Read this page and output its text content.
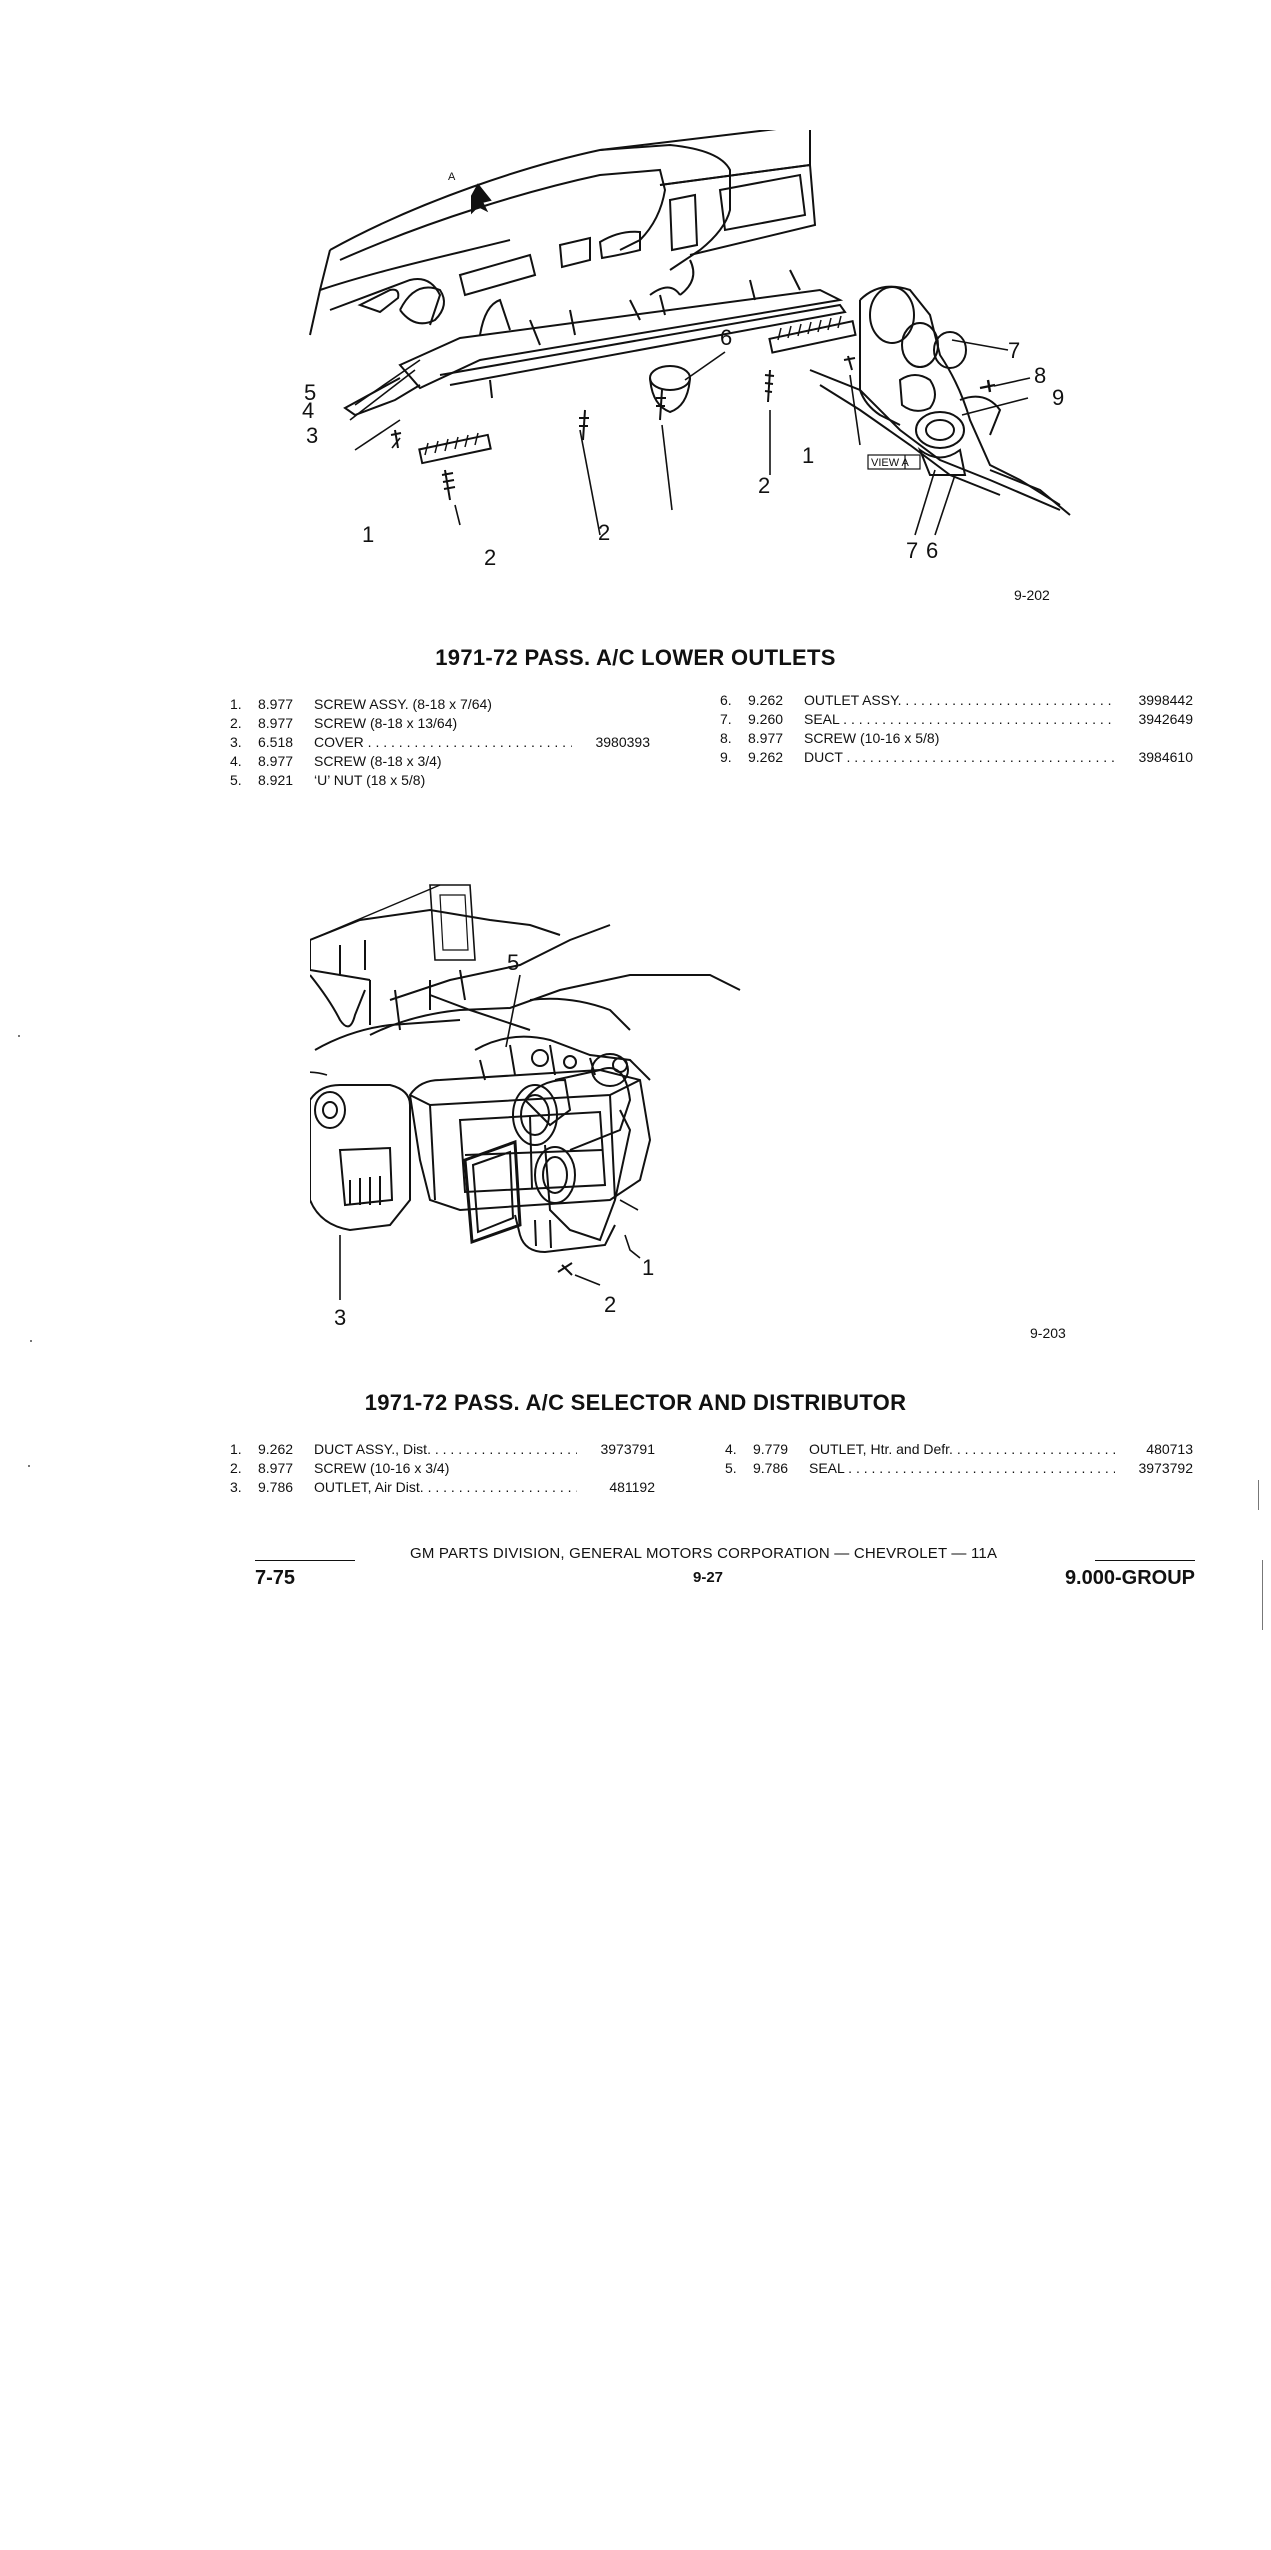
5
4
3
1
2
2
6
2
1
7
8
9
7 6
VIEW A
A
9-202
1971-72 PASS. A/C LOWER OUTLETS
1.	8.977	SCREW ASSY. (8-18 x 7/64)
2.	8.977	SCREW (8-18 x 13/64)
3.	6.518	COVER . . .	3980393
4.	8.977	SCREW (8-18 x 3/4)
5.	8.921	‘U’ NUT (18 x 5/8)
6.	9.262	OUTLET ASSY. . . .	3998442
7.	9.260	SEAL . . .	3942649
8.	8.977	SCREW (10-16 x 5/8)
9.	9.262	DUCT . . .	3984610
5
1
3
2
9-203
1971-72 PASS. A/C SELECTOR AND DISTRIBUTOR
1.	9.262	DUCT ASSY., Dist. . . .	3973791
2.	8.977	SCREW (10-16 x 3/4)
3.	9.786	OUTLET, Air Dist. . . .	481192
4.	9.779	OUTLET, Htr. and Defr. . . .	480713
5.	9.786	SEAL . . .	3973792
GM PARTS DIVISION, GENERAL MOTORS CORPORATION — CHEVROLET — 11A
7-75	9-27	9.000-GROUP
